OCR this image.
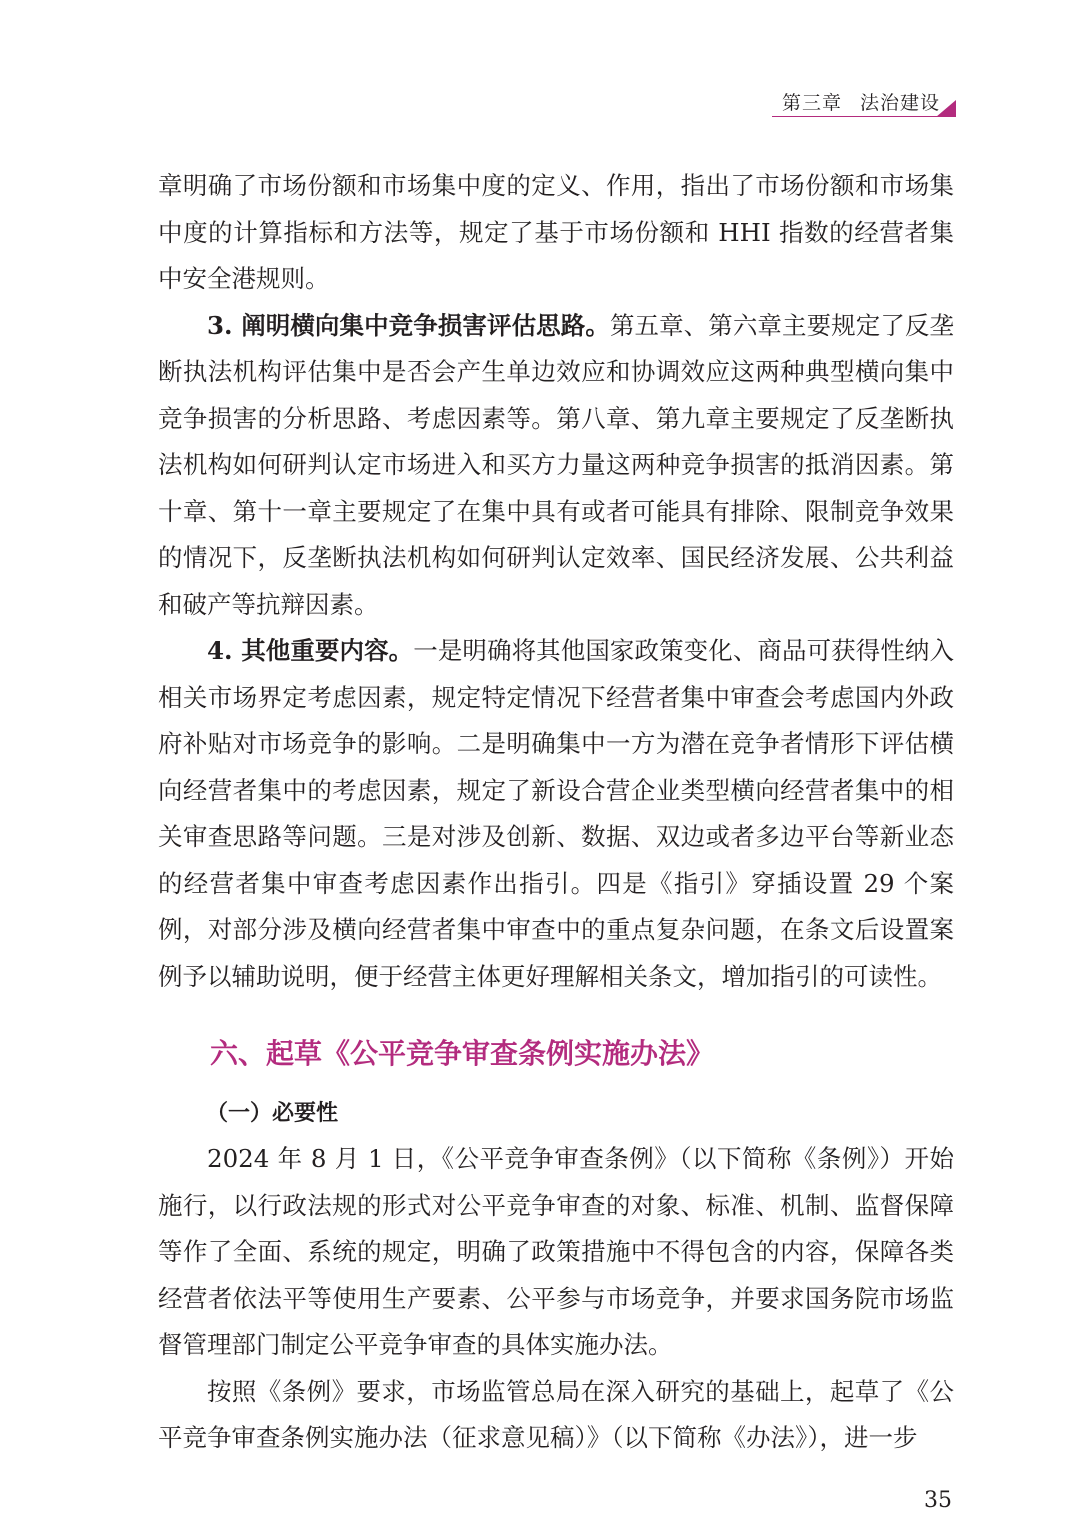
第三章 法治建设

章明确了市场份额和市场集中度的定义、作用，指出了市场份额和市场集中度的计算指标和方法等，规定了基于市场份额和 HHI 指数的经营者集中安全港规则。

3. 阐明横向集中竞争损害评估思路。第五章、第六章主要规定了反垄断执法机构评估集中是否会产生单边效应和协调效应这两种典型横向集中竞争损害的分析思路、考虑因素等。第八章、第九章主要规定了反垄断执法机构如何研判认定市场进入和买方力量这两种竞争损害的抵消因素。第十章、第十一章主要规定了在集中具有或者可能具有排除、限制竞争效果的情况下，反垄断执法机构如何研判认定效率、国民经济发展、公共利益和破产等抗辩因素。

4. 其他重要内容。一是明确将其他国家政策变化、商品可获得性纳入相关市场界定考虑因素，规定特定情况下经营者集中审查会考虑国内外政府补贴对市场竞争的影响。二是明确集中一方为潜在竞争者情形下评估横向经营者集中的考虑因素，规定了新设合营企业类型横向经营者集中的相关审查思路等问题。三是对涉及创新、数据、双边或者多边平台等新业态的经营者集中审查考虑因素作出指引。四是《指引》穿插设置 29 个案例，对部分涉及横向经营者集中审查中的重点复杂问题，在条文后设置案例予以辅助说明，便于经营主体更好理解相关条文，增加指引的可读性。

六、起草《公平竞争审查条例实施办法》

（一）必要性

2024 年 8 月 1 日，《公平竞争审查条例》（以下简称《条例》）开始施行，以行政法规的形式对公平竞争审查的对象、标准、机制、监督保障等作了全面、系统的规定，明确了政策措施中不得包含的内容，保障各类经营者依法平等使用生产要素、公平参与市场竞争，并要求国务院市场监督管理部门制定公平竞争审查的具体实施办法。

按照《条例》要求，市场监管总局在深入研究的基础上，起草了《公平竞争审查条例实施办法（征求意见稿）》（以下简称《办法》），进一步

35
